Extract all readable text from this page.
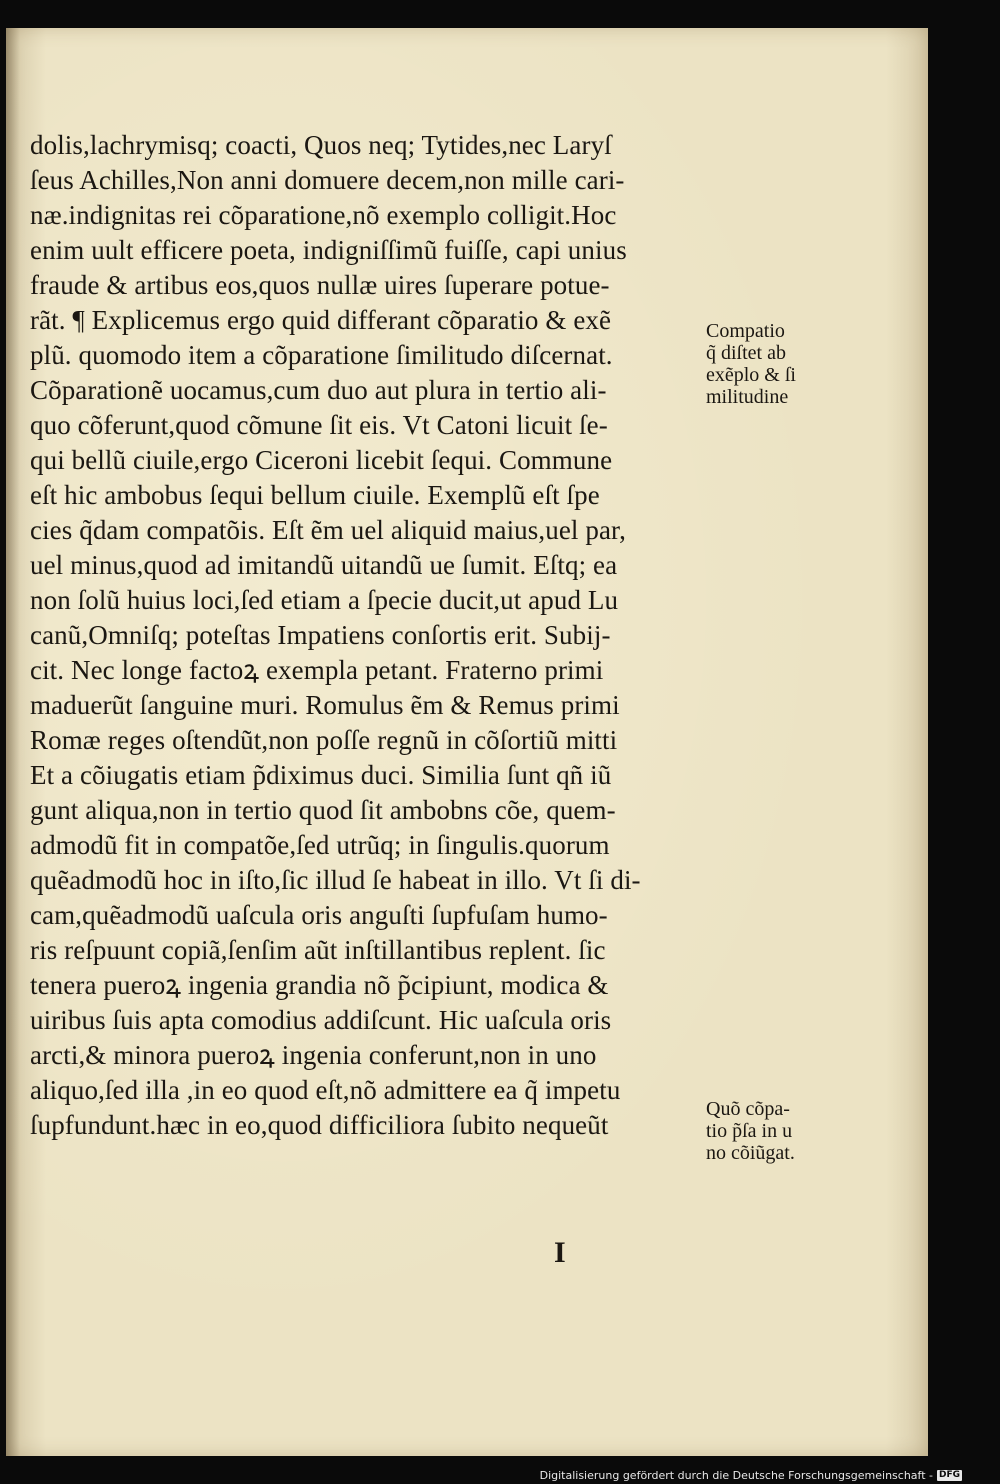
dolis,lachrymisq; coacti, Quos neq; Tytides,nec Laryſ
ſeus Achilles,Non anni domuere decem,non mille cari‑
næ.indignitas rei cõparatione,nõ exemplo colligit.Hoc
enim uult efficere poeta, indigniſſimũ fuiſſe, capi unius
fraude & artibus eos,quos nullæ uires ſuperare potue‑
rãt. ¶ Explicemus ergo quid differant cõparatio & exẽ
plũ. quomodo item a cõparatione ſimilitudo diſcernat.
Cõparationẽ uocamus,cum duo aut plura in tertio ali‑
quo cõferunt,quod cõmune ſit eis. Vt Catoni licuit ſe‑
qui bellũ ciuile,ergo Ciceroni licebit ſequi. Commune
eſt hic ambobus ſequi bellum ciuile. Exemplũ eſt ſpe
cies q̃dam compatõis. Eſt ẽm uel aliquid maius,uel par,
uel minus,quod ad imitandũ uitandũ ue ſumit. Eſtq; ea
non ſolũ huius loci,ſed etiam a ſpecie ducit,ut apud Lu
canũ,Omniſq; poteſtas Impatiens conſortis erit. Subij‑
cit. Nec longe factoꝝ exempla petant. Fraterno primi
maduerũt ſanguine muri. Romulus ẽm & Remus primi
Romæ reges oſtendũt,non poſſe regnũ in cõſortiũ mitti
Et a cõiugatis etiam p̃diximus duci. Similia ſunt qñ iũ
gunt aliqua,non in tertio quod ſit ambobns cõe, quem‑
admodũ fit in compatõe,ſed utrũq; in ſingulis.quorum
quẽadmodũ hoc in iſto,ſic illud ſe habeat in illo. Vt ſi di‑
cam,quẽadmodũ uaſcula oris anguſti ſupfuſam humo‑
ris reſpuunt copiã,ſenſim aũt inſtillantibus replent. ſic
tenera pueroꝝ ingenia grandia nõ p̃cipiunt, modica &
uiribus ſuis apta comodius addiſcunt. Hic uaſcula oris
arcti,& minora pueroꝝ ingenia conferunt,non in uno
aliquo,ſed illa ,in eo quod eſt,nõ admittere ea q̃ impetu
ſupfundunt.hæc in eo,quod difficiliora ſubito nequeũt
Compatio
q̃ diſtet ab
exẽplo & ſi
militudine
Quõ cõpa‑
tio p̃ſa in u
no cõiũgat.
I
Digitalisierung gefördert durch die Deutsche Forschungsgemeinschaft - DFG
